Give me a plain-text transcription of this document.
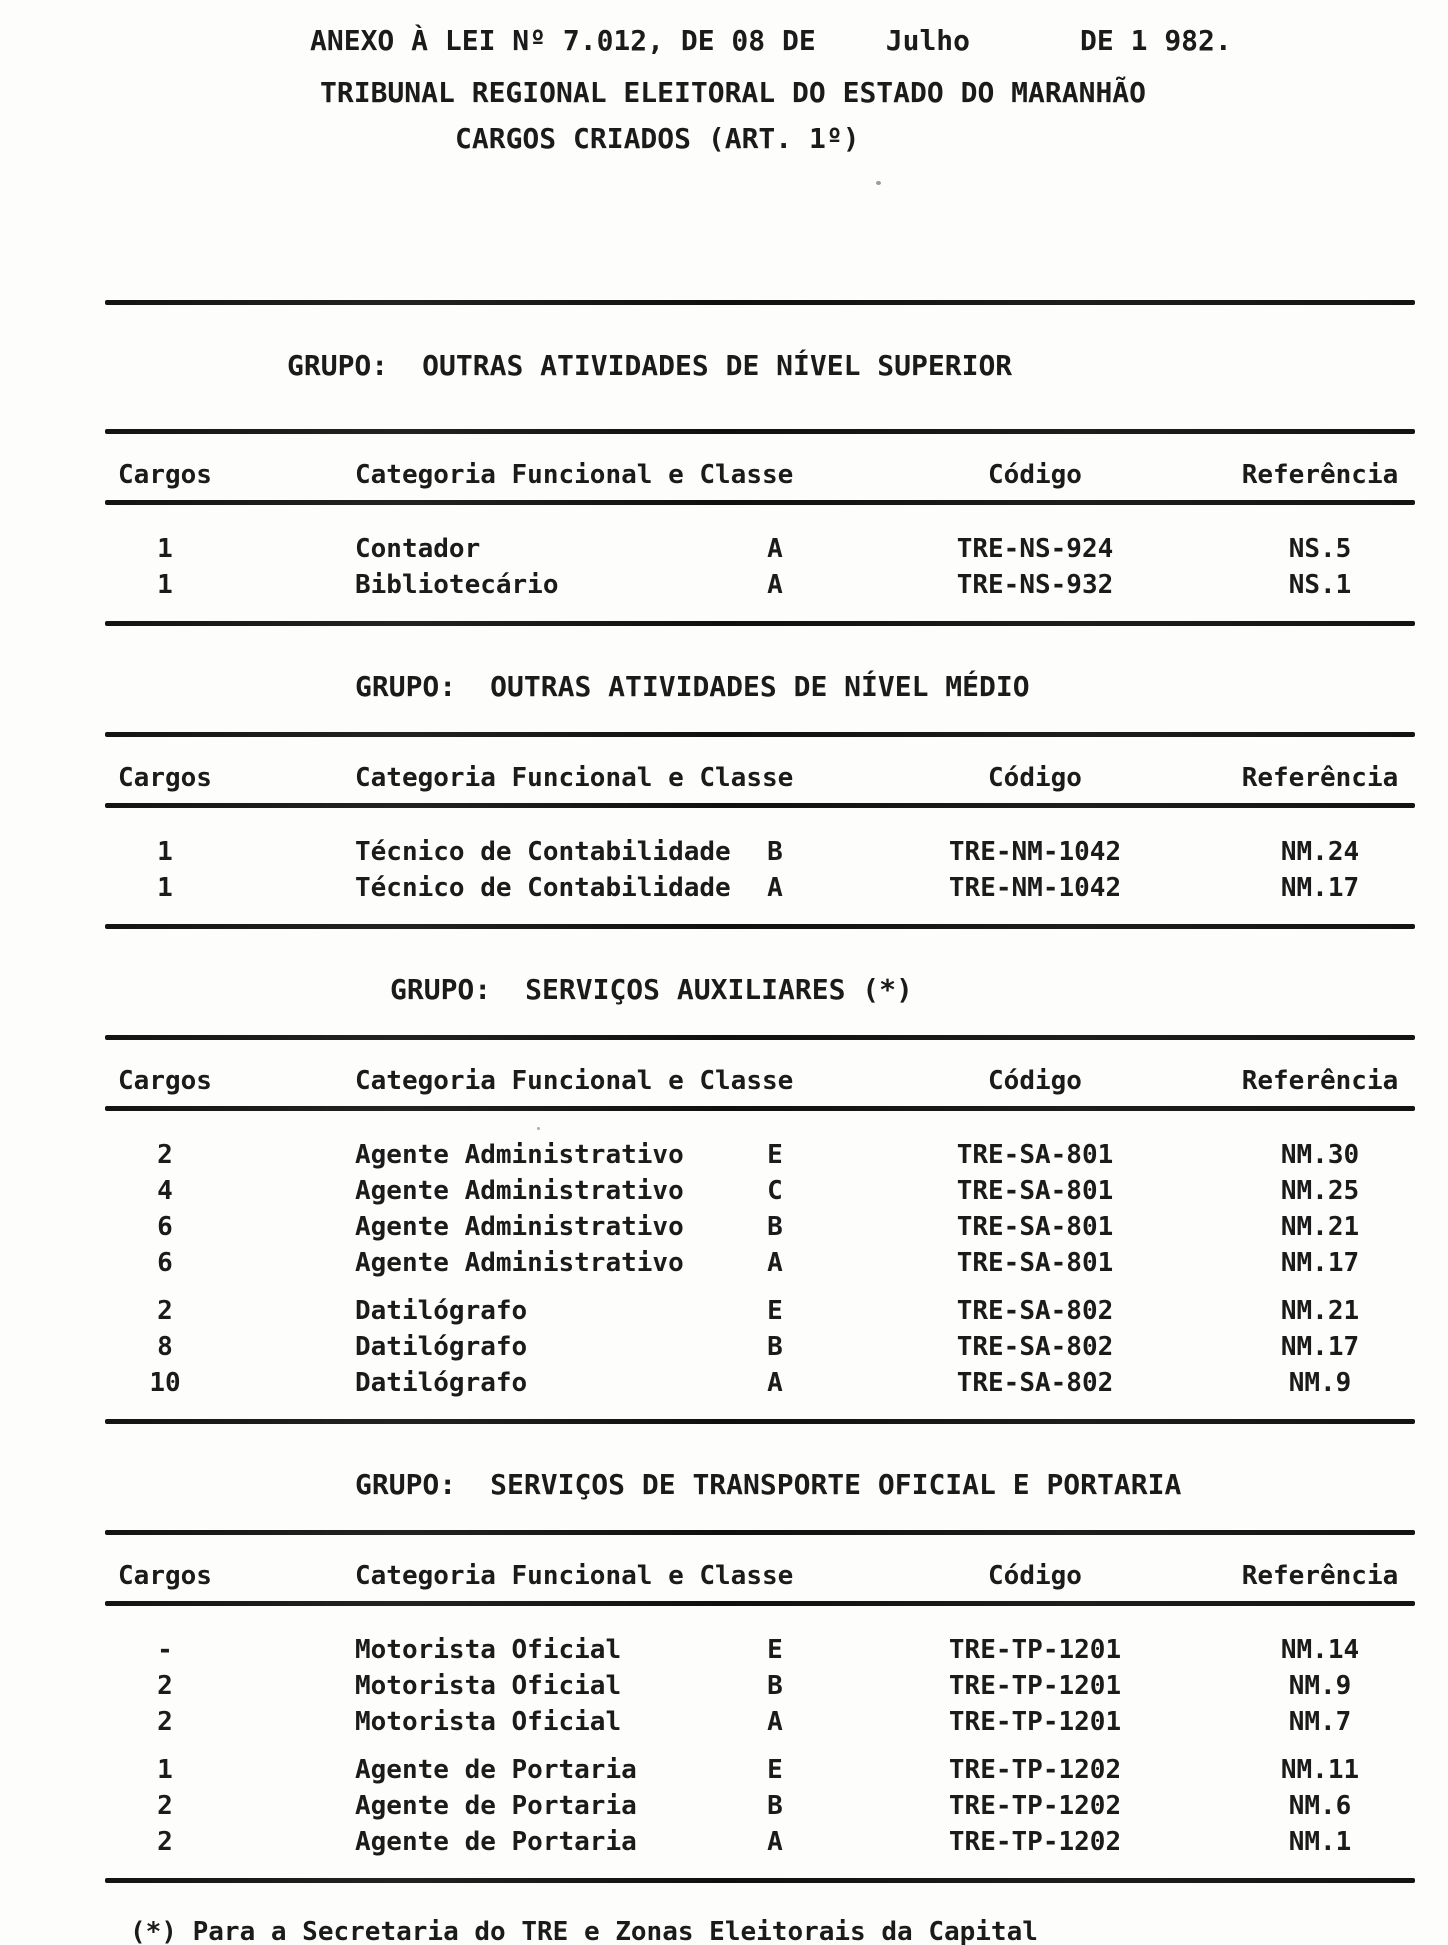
ANEXO À LEI Nº 7.012, DE 08 DE	Julho	DE 1 982.
TRIBUNAL REGIONAL ELEITORAL DO ESTADO DO MARANHÃO
CARGOS CRIADOS (ART. 1º)
GRUPO: OUTRAS ATIVIDADES DE NÍVEL SUPERIOR
Cargos	Categoria Funcional e Classe	Código	Referência
1	Contador	A	TRE-NS-924	NS.5
1	Bibliotecário	A	TRE-NS-932	NS.1
GRUPO: OUTRAS ATIVIDADES DE NÍVEL MÉDIO
Cargos	Categoria Funcional e Classe	Código	Referência
1	Técnico de Contabilidade	B	TRE-NM-1042	NM.24
1	Técnico de Contabilidade	A	TRE-NM-1042	NM.17
GRUPO: SERVIÇOS AUXILIARES (*)
Cargos	Categoria Funcional e Classe	Código	Referência
2	Agente Administrativo	E	TRE-SA-801	NM.30
4	Agente Administrativo	C	TRE-SA-801	NM.25
6	Agente Administrativo	B	TRE-SA-801	NM.21
6	Agente Administrativo	A	TRE-SA-801	NM.17
2	Datilógrafo	E	TRE-SA-802	NM.21
8	Datilógrafo	B	TRE-SA-802	NM.17
10	Datilógrafo	A	TRE-SA-802	NM.9
GRUPO: SERVIÇOS DE TRANSPORTE OFICIAL E PORTARIA
Cargos	Categoria Funcional e Classe	Código	Referência
-	Motorista Oficial	E	TRE-TP-1201	NM.14
2	Motorista Oficial	B	TRE-TP-1201	NM.9
2	Motorista Oficial	A	TRE-TP-1201	NM.7
1	Agente de Portaria	E	TRE-TP-1202	NM.11
2	Agente de Portaria	B	TRE-TP-1202	NM.6
2	Agente de Portaria	A	TRE-TP-1202	NM.1
(*) Para a Secretaria do TRE e Zonas Eleitorais da Capital
